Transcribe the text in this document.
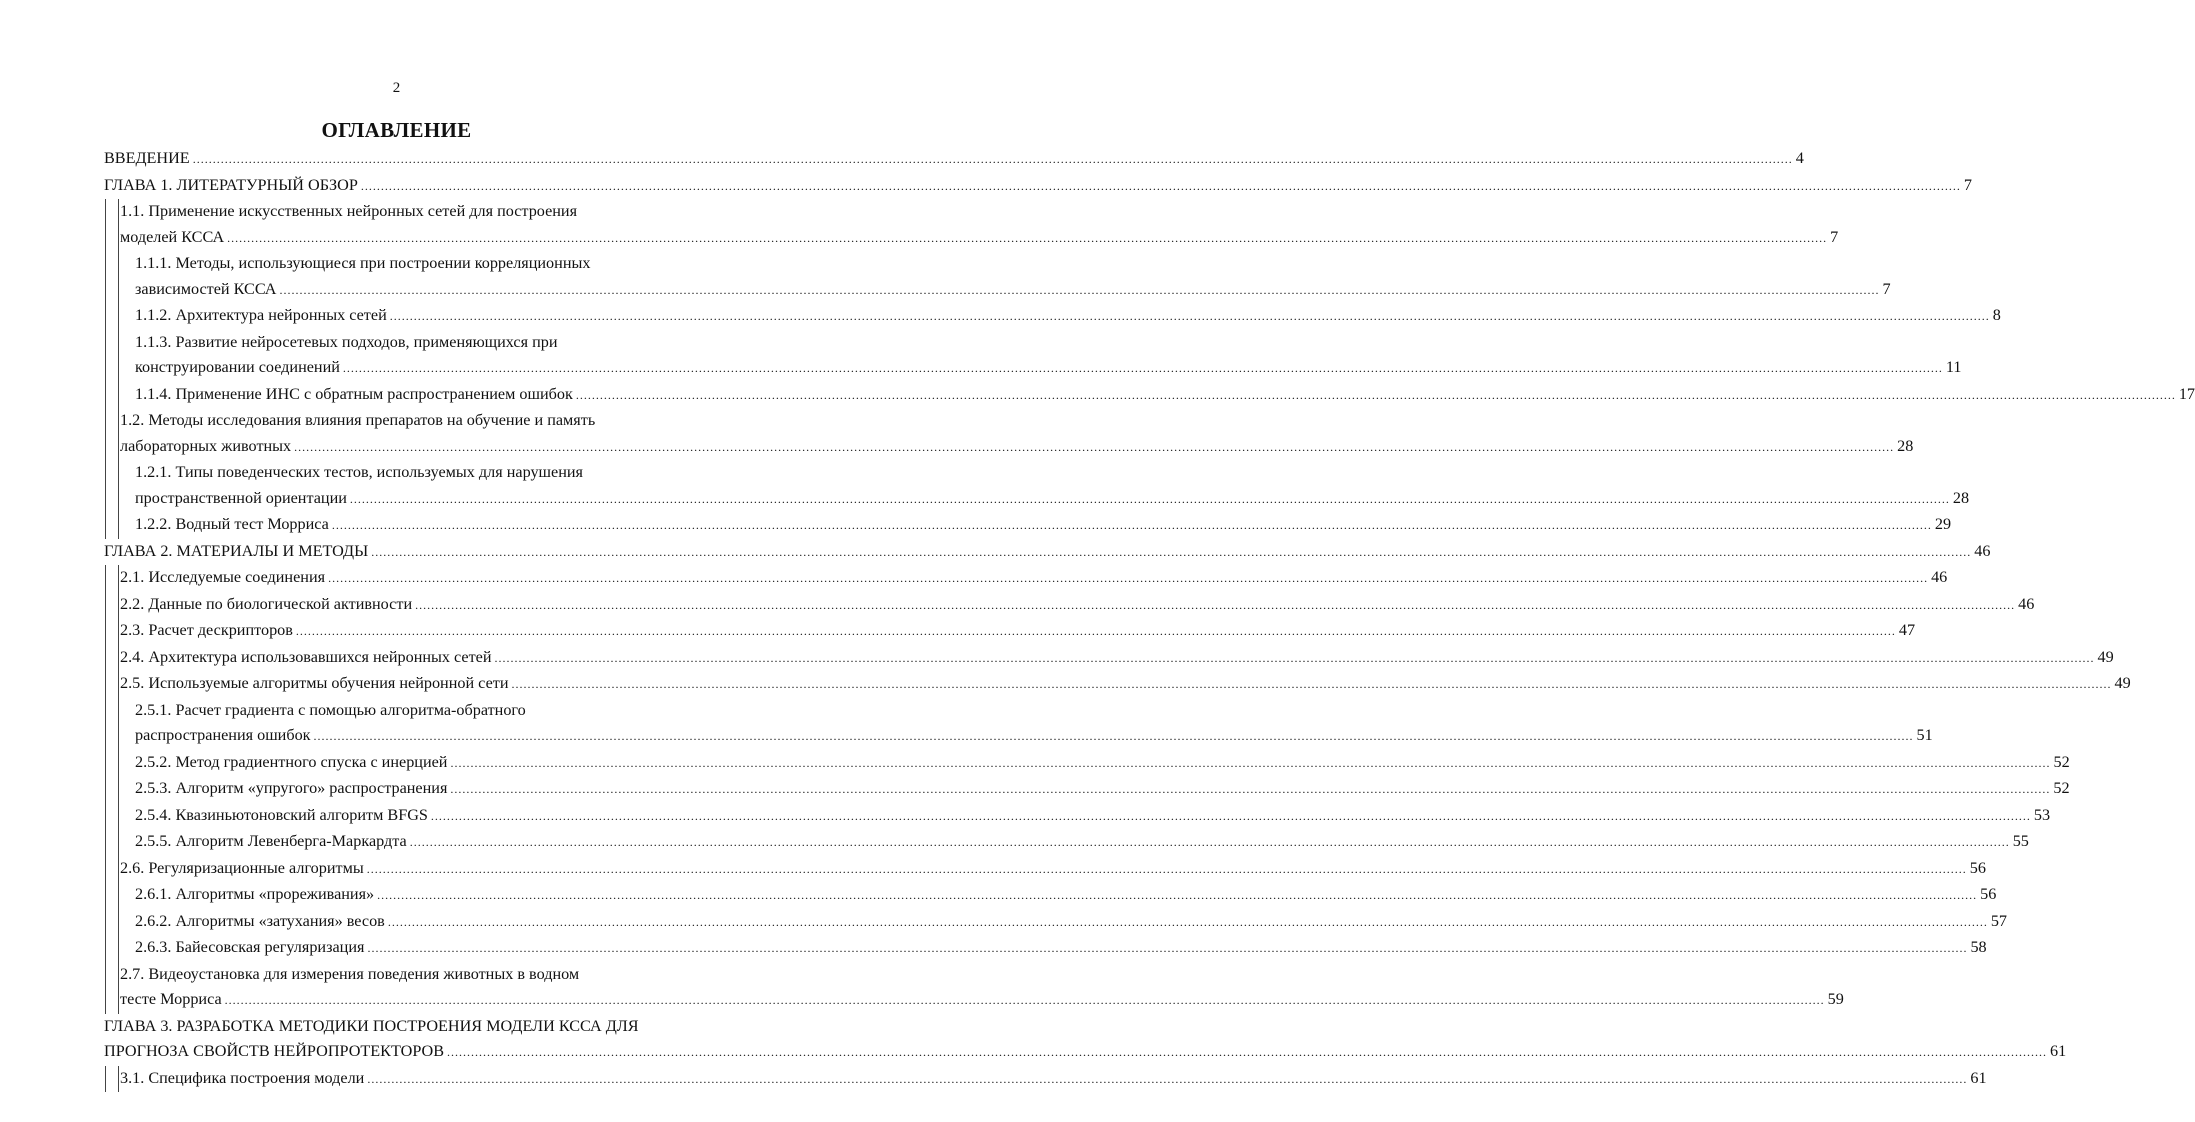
2
ОГЛАВЛЕНИЕ
ВВЕДЕНИЕ ................................................................................................................................................................................................................................................................................................................................................................................................................ 4
ГЛАВА 1. ЛИТЕРАТУРНЫЙ ОБЗОР ................................................................................................................................................................................................................................................................................................................................................................................................................ 7
1.1. Применение искусственных нейронных сетей для построения
моделей КССА ................................................................................................................................................................................................................................................................................................................................................................................................................ 7
1.1.1. Методы, использующиеся при построении корреляционных
зависимостей КССА ................................................................................................................................................................................................................................................................................................................................................................................................................ 7
1.1.2. Архитектура нейронных сетей ................................................................................................................................................................................................................................................................................................................................................................................................................ 8
1.1.3. Развитие нейросетевых подходов, применяющихся при
конструировании соединений ................................................................................................................................................................................................................................................................................................................................................................................................................ 11
1.1.4. Применение ИНС с обратным распространением ошибок ................................................................................................................................................................................................................................................................................................................................................................................................................ 17
1.2. Методы исследования влияния препаратов на обучение и память
лабораторных животных ................................................................................................................................................................................................................................................................................................................................................................................................................ 28
1.2.1. Типы поведенческих тестов, используемых для нарушения
пространственной ориентации ................................................................................................................................................................................................................................................................................................................................................................................................................ 28
1.2.2. Водный тест Морриса ................................................................................................................................................................................................................................................................................................................................................................................................................ 29
ГЛАВА 2. МАТЕРИАЛЫ И МЕТОДЫ ................................................................................................................................................................................................................................................................................................................................................................................................................ 46
2.1. Исследуемые соединения ................................................................................................................................................................................................................................................................................................................................................................................................................ 46
2.2. Данные по биологической активности ................................................................................................................................................................................................................................................................................................................................................................................................................ 46
2.3. Расчет дескрипторов ................................................................................................................................................................................................................................................................................................................................................................................................................ 47
2.4. Архитектура использовавшихся нейронных сетей ................................................................................................................................................................................................................................................................................................................................................................................................................ 49
2.5. Используемые алгоритмы обучения нейронной сети ................................................................................................................................................................................................................................................................................................................................................................................................................ 49
2.5.1. Расчет градиента с помощью алгоритма-обратного
распространения ошибок ................................................................................................................................................................................................................................................................................................................................................................................................................ 51
2.5.2. Метод градиентного спуска с инерцией ................................................................................................................................................................................................................................................................................................................................................................................................................ 52
2.5.3. Алгоритм «упругого» распространения ................................................................................................................................................................................................................................................................................................................................................................................................................ 52
2.5.4. Квазиньютоновский алгоритм BFGS ................................................................................................................................................................................................................................................................................................................................................................................................................ 53
2.5.5. Алгоритм Левенберга-Маркардта ................................................................................................................................................................................................................................................................................................................................................................................................................ 55
2.6. Регуляризационные алгоритмы ................................................................................................................................................................................................................................................................................................................................................................................................................ 56
2.6.1. Алгоритмы «прореживания» ................................................................................................................................................................................................................................................................................................................................................................................................................ 56
2.6.2. Алгоритмы «затухания» весов ................................................................................................................................................................................................................................................................................................................................................................................................................ 57
2.6.3. Байесовская регуляризация ................................................................................................................................................................................................................................................................................................................................................................................................................ 58
2.7. Видеоустановка для измерения поведения животных в водном
тесте Морриса ................................................................................................................................................................................................................................................................................................................................................................................................................ 59
ГЛАВА 3. РАЗРАБОТКА МЕТОДИКИ ПОСТРОЕНИЯ МОДЕЛИ КССА ДЛЯ
ПРОГНОЗА СВОЙСТВ НЕЙРОПРОТЕКТОРОВ ................................................................................................................................................................................................................................................................................................................................................................................................................ 61
3.1. Специфика построения модели ................................................................................................................................................................................................................................................................................................................................................................................................................ 61
